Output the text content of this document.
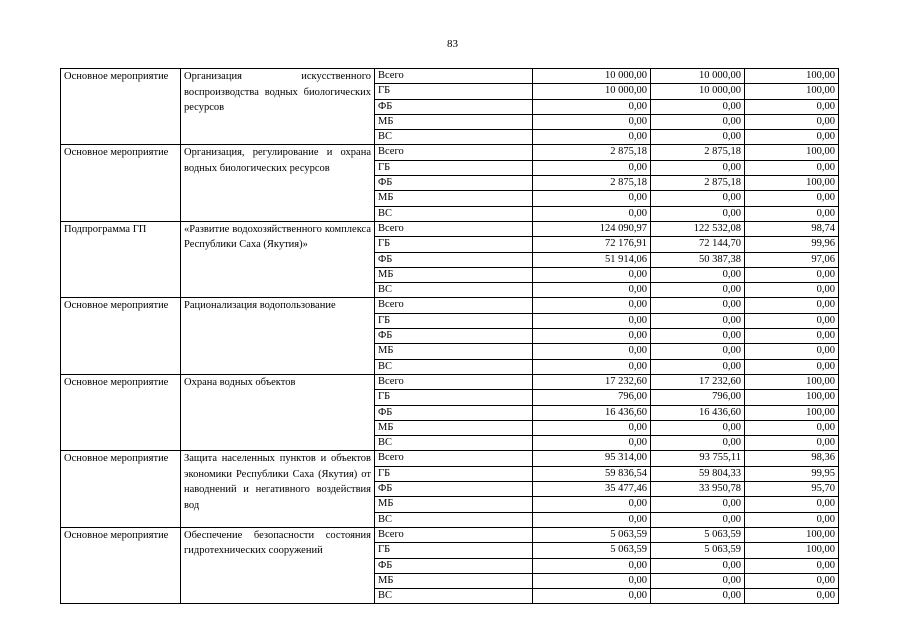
83
Основное мероприятие	Организация искусственного воспроизводства водных биологических ресурсов	Всего	10 000,00	10 000,00	100,00
		ГБ	10 000,00	10 000,00	100,00
		ФБ	0,00	0,00	0,00
		МБ	0,00	0,00	0,00
		ВС	0,00	0,00	0,00
Основное мероприятие	Организация, регулирование и охрана водных биологических ресурсов	Всего	2 875,18	2 875,18	100,00
		ГБ	0,00	0,00	0,00
		ФБ	2 875,18	2 875,18	100,00
		МБ	0,00	0,00	0,00
		ВС	0,00	0,00	0,00
Подпрограмма ГП	«Развитие водохозяйственного комплекса Республики Саха (Якутия)»	Всего	124 090,97	122 532,08	98,74
		ГБ	72 176,91	72 144,70	99,96
		ФБ	51 914,06	50 387,38	97,06
		МБ	0,00	0,00	0,00
		ВС	0,00	0,00	0,00
Основное мероприятие	Рационализация водопользование	Всего	0,00	0,00	0,00
		ГБ	0,00	0,00	0,00
		ФБ	0,00	0,00	0,00
		МБ	0,00	0,00	0,00
		ВС	0,00	0,00	0,00
Основное мероприятие	Охрана водных объектов	Всего	17 232,60	17 232,60	100,00
		ГБ	796,00	796,00	100,00
		ФБ	16 436,60	16 436,60	100,00
		МБ	0,00	0,00	0,00
		ВС	0,00	0,00	0,00
Основное мероприятие	Защита населенных пунктов и объектов экономики Республики Саха (Якутия) от наводнений и негативного воздействия вод	Всего	95 314,00	93 755,11	98,36
		ГБ	59 836,54	59 804,33	99,95
		ФБ	35 477,46	33 950,78	95,70
		МБ	0,00	0,00	0,00
		ВС	0,00	0,00	0,00
Основное мероприятие	Обеспечение безопасности состояния гидротехнических сооружений	Всего	5 063,59	5 063,59	100,00
		ГБ	5 063,59	5 063,59	100,00
		ФБ	0,00	0,00	0,00
		МБ	0,00	0,00	0,00
		ВС	0,00	0,00	0,00
